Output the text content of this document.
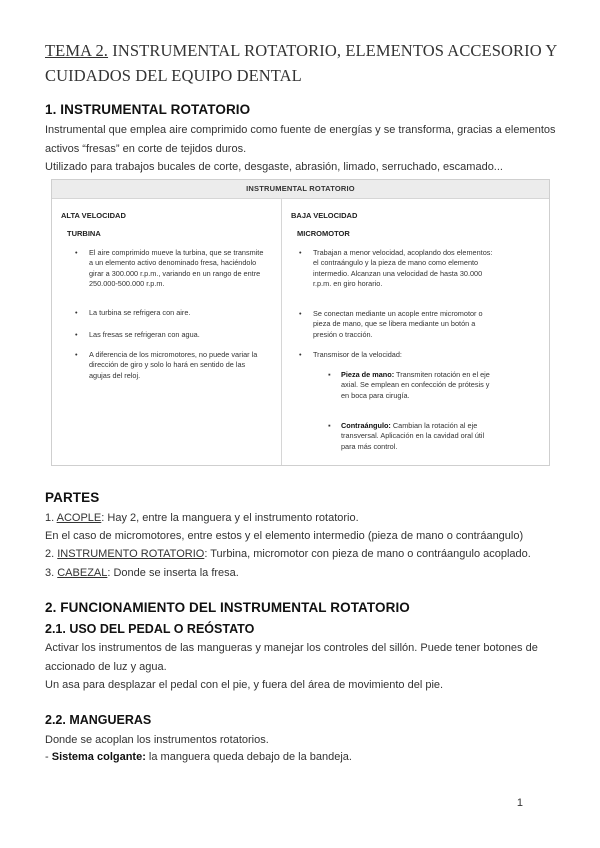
TEMA 2. INSTRUMENTAL ROTATORIO, ELEMENTOS ACCESORIO Y CUIDADOS DEL EQUIPO DENTAL
1. INSTRUMENTAL ROTATORIO
Instrumental que emplea aire comprimido como fuente de energías y se transforma, gracias a elementos activos “fresas” en corte de tejidos duros.
Utilizado para trabajos bucales de corte, desgaste, abrasión, limado, serruchado, escamado...
INSTRUMENTAL ROTATORIO
ALTA VELOCIDAD
TURBINA
• El aire comprimido mueve la turbina, que se transmite a un elemento activo denominado fresa, haciéndolo girar a 300.000 r.p.m., variando en un rango de entre 250.000-500.000 r.p.m.
• La turbina se refrigera con aire.
• Las fresas se refrigeran con agua.
• A diferencia de los micromotores, no puede variar la dirección de giro y solo lo hará en sentido de las agujas del reloj.
BAJA VELOCIDAD
MICROMOTOR
• Trabajan a menor velocidad, acoplando dos elementos: el contraángulo y la pieza de mano como elemento intermedio. Alcanzan una velocidad de hasta 30.000 r.p.m. en giro horario.
• Se conectan mediante un acople entre micromotor o pieza de mano, que se libera mediante un botón a presión o tracción.
• Transmisor de la velocidad:
▪ Pieza de mano: Transmiten rotación en el eje axial. Se emplean en confección de prótesis y en boca para cirugía.
▪ Contraángulo: Cambian la rotación al eje transversal. Aplicación en la cavidad oral útil para más control.
PARTES
1. ACOPLE: Hay 2, entre la manguera y el instrumento rotatorio.
En el caso de micromotores, entre estos y el elemento intermedio (pieza de mano o contráangulo)
2. INSTRUMENTO ROTATORIO: Turbina, micromotor con pieza de mano o contráangulo acoplado.
3. CABEZAL: Donde se inserta la fresa.
2. FUNCIONAMIENTO DEL INSTRUMENTAL ROTATORIO
2.1. USO DEL PEDAL O REÓSTATO
Activar los instrumentos de las mangueras y manejar los controles del sillón. Puede tener botones de accionado de luz y agua.
Un asa para desplazar el pedal con el pie, y fuera del área de movimiento del pie.
2.2. MANGUERAS
Donde se acoplan los instrumentos rotatorios.
- Sistema colgante: la manguera queda debajo de la bandeja.
1
